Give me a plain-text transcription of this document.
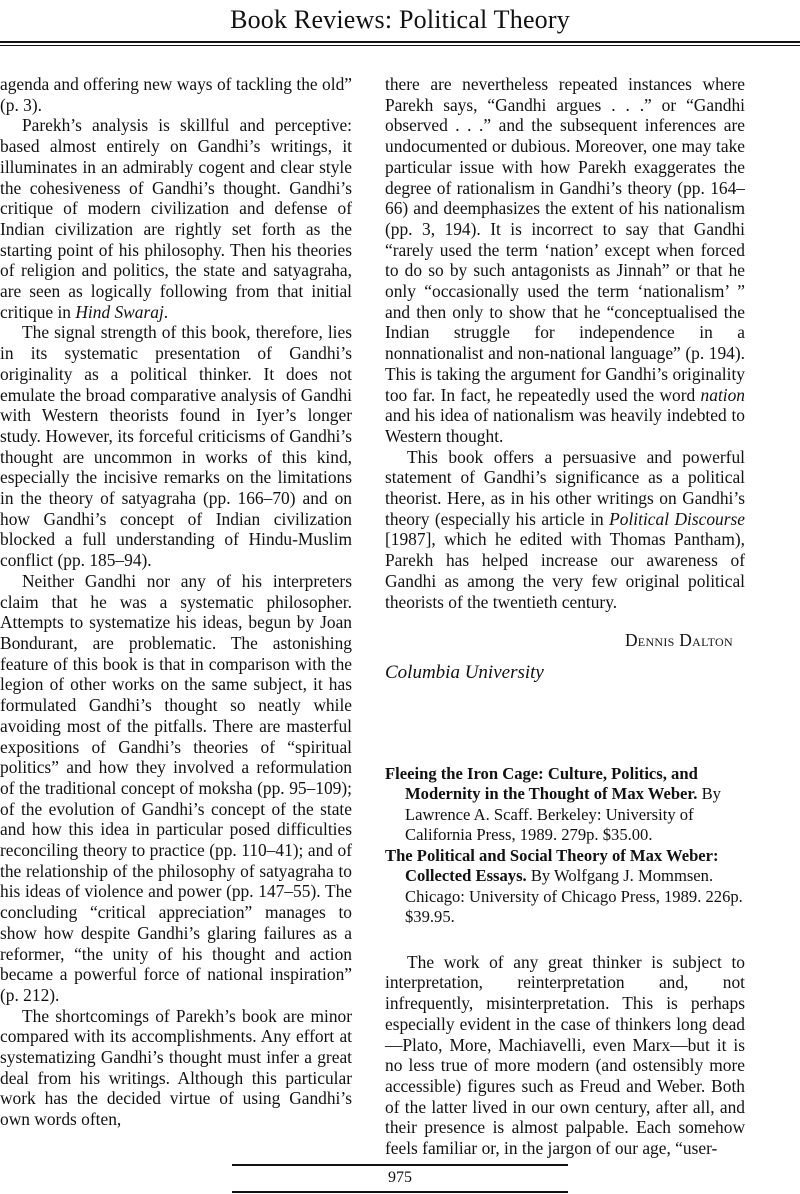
Book Reviews: Political Theory

agenda and offering new ways of tackling the old” (p. 3).

Parekh’s analysis is skillful and perceptive: based almost entirely on Gandhi’s writings, it illuminates in an admirably cogent and clear style the cohesiveness of Gandhi’s thought. Gandhi’s critique of modern civilization and defense of Indian civilization are rightly set forth as the starting point of his philosophy. Then his theories of religion and politics, the state and satyagraha, are seen as logically following from that initial critique in Hind Swaraj.

The signal strength of this book, therefore, lies in its systematic presentation of Gandhi’s originality as a political thinker. It does not emulate the broad comparative analysis of Gandhi with Western theorists found in Iyer’s longer study. However, its forceful criticisms of Gandhi’s thought are uncommon in works of this kind, especially the incisive remarks on the limitations in the theory of satyagraha (pp. 166–70) and on how Gandhi’s concept of Indian civilization blocked a full understanding of Hindu-Muslim conflict (pp. 185–94).

Neither Gandhi nor any of his interpreters claim that he was a systematic philosopher. Attempts to systematize his ideas, begun by Joan Bondurant, are problematic. The astonishing feature of this book is that in comparison with the legion of other works on the same subject, it has formulated Gandhi’s thought so neatly while avoiding most of the pitfalls. There are masterful expositions of Gandhi’s theories of “spiritual politics” and how they involved a reformulation of the traditional concept of moksha (pp. 95–109); of the evolution of Gandhi’s concept of the state and how this idea in particular posed difficulties reconciling theory to practice (pp. 110–41); and of the relationship of the philosophy of satyagraha to his ideas of violence and power (pp. 147–55). The concluding “critical appreciation” manages to show how despite Gandhi’s glaring failures as a reformer, “the unity of his thought and action became a powerful force of national inspiration” (p. 212).

The shortcomings of Parekh’s book are minor compared with its accomplishments. Any effort at systematizing Gandhi’s thought must infer a great deal from his writings. Although this particular work has the decided virtue of using Gandhi’s own words often,

there are nevertheless repeated instances where Parekh says, “Gandhi argues . . .” or “Gandhi observed . . .” and the subsequent inferences are undocumented or dubious. Moreover, one may take particular issue with how Parekh exaggerates the degree of rationalism in Gandhi’s theory (pp. 164–66) and deemphasizes the extent of his nationalism (pp. 3, 194). It is incorrect to say that Gandhi “rarely used the term ‘nation’ except when forced to do so by such antagonists as Jinnah” or that he only “occasionally used the term ‘nationalism’ ” and then only to show that he “conceptualised the Indian struggle for independence in a nonnationalist and non-national language” (p. 194). This is taking the argument for Gandhi’s originality too far. In fact, he repeatedly used the word nation and his idea of nationalism was heavily indebted to Western thought.

This book offers a persuasive and powerful statement of Gandhi’s significance as a political theorist. Here, as in his other writings on Gandhi’s theory (especially his article in Political Discourse [1987], which he edited with Thomas Pantham), Parekh has helped increase our awareness of Gandhi as among the very few original political theorists of the twentieth century.

Dennis Dalton
Columbia University

Fleeing the Iron Cage: Culture, Politics, and Modernity in the Thought of Max Weber. By Lawrence A. Scaff. Berkeley: University of California Press, 1989. 279p. $35.00.

The Political and Social Theory of Max Weber: Collected Essays. By Wolfgang J. Mommsen. Chicago: University of Chicago Press, 1989. 226p. $39.95.

The work of any great thinker is subject to interpretation, reinterpretation and, not infrequently, misinterpretation. This is perhaps especially evident in the case of thinkers long dead—Plato, More, Machiavelli, even Marx—but it is no less true of more modern (and ostensibly more accessible) figures such as Freud and Weber. Both of the latter lived in our own century, after all, and their presence is almost palpable. Each somehow feels familiar or, in the jargon of our age, “user-

975
